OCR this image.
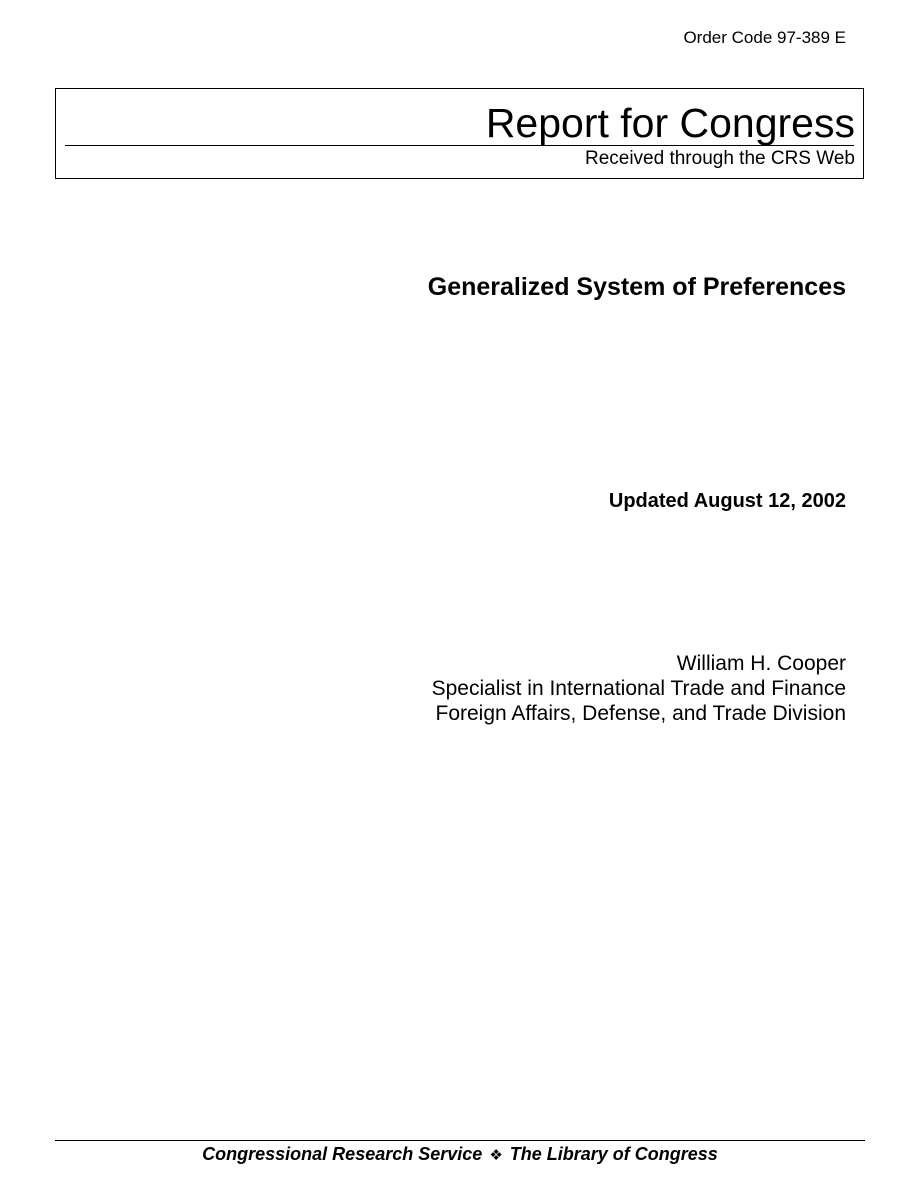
Order Code 97-389 E
Report for Congress
Received through the CRS Web
Generalized System of Preferences
Updated August 12, 2002
William H. Cooper
Specialist in International Trade and Finance
Foreign Affairs, Defense, and Trade Division
Congressional Research Service ❖ The Library of Congress
